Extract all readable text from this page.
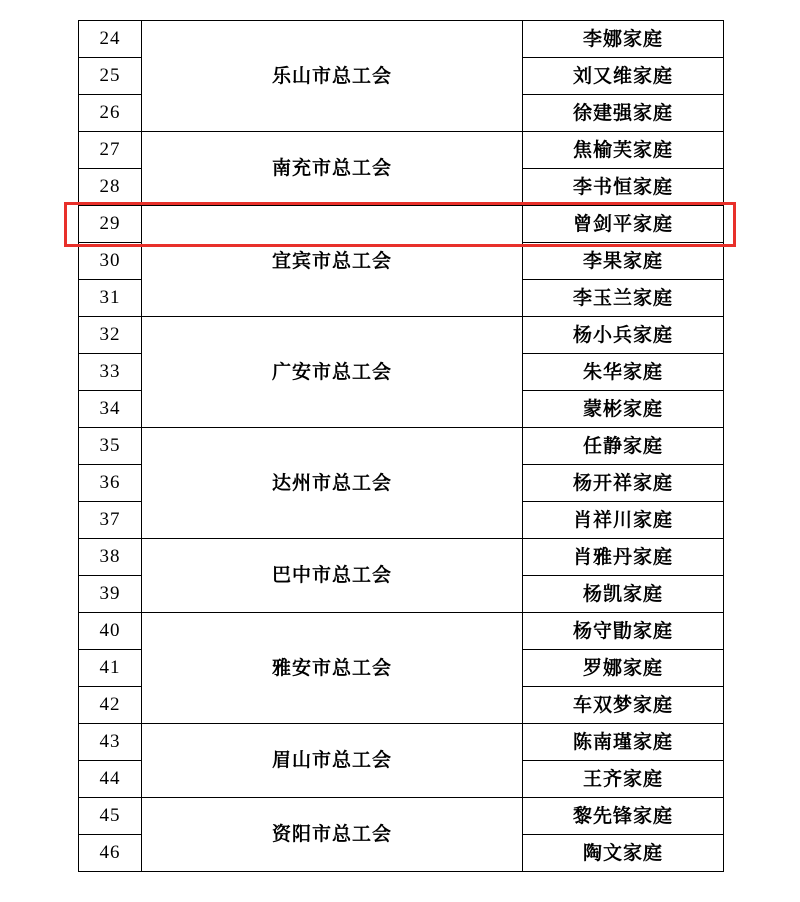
24	乐山市总工会	李娜家庭
25		刘又维家庭
26		徐建强家庭
27	南充市总工会	焦榆芙家庭
28		李书恒家庭
29	宜宾市总工会	曾剑平家庭
30		李果家庭
31		李玉兰家庭
32	广安市总工会	杨小兵家庭
33		朱华家庭
34		蒙彬家庭
35	达州市总工会	任静家庭
36		杨开祥家庭
37		肖祥川家庭
38	巴中市总工会	肖雅丹家庭
39		杨凯家庭
40	雅安市总工会	杨守勖家庭
41		罗娜家庭
42		车双梦家庭
43	眉山市总工会	陈南瑾家庭
44		王齐家庭
45	资阳市总工会	黎先锋家庭
46		陶文家庭
